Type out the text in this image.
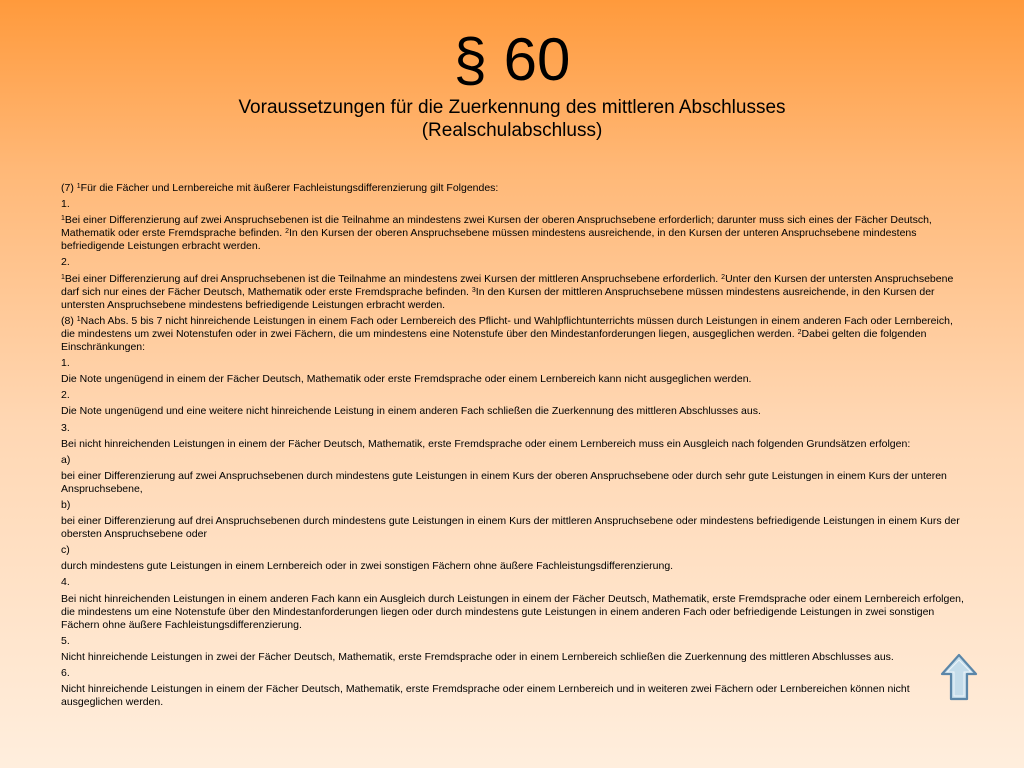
§ 60
Voraussetzungen für die Zuerkennung des mittleren Abschlusses
(Realschulabschluss)

(7) $^1$Für die Fächer und Lernbereiche mit äußerer Fachleistungsdifferenzierung gilt Folgendes:

1.

$^1$Bei einer Differenzierung auf zwei Anspruchsebenen ist die Teilnahme an mindestens zwei Kursen der oberen Anspruchsebene erforderlich; darunter muss sich eines der Fächer Deutsch, Mathematik oder erste Fremdsprache befinden. $^2$In den Kursen der oberen Anspruchsebene müssen mindestens ausreichende, in den Kursen der unteren Anspruchsebene mindestens befriedigende Leistungen erbracht werden.

2.

$^1$Bei einer Differenzierung auf drei Anspruchsebenen ist die Teilnahme an mindestens zwei Kursen der mittleren Anspruchsebene erforderlich. $^2$Unter den Kursen der untersten Anspruchsebene darf sich nur eines der Fächer Deutsch, Mathematik oder erste Fremdsprache befinden. $^3$In den Kursen der mittleren Anspruchsebene müssen mindestens ausreichende, in den Kursen der untersten Anspruchsebene mindestens befriedigende Leistungen erbracht werden.

(8) $^1$Nach Abs. 5 bis 7 nicht hinreichende Leistungen in einem Fach oder Lernbereich des Pflicht- und Wahlpflichtunterrichts müssen durch Leistungen in einem anderen Fach oder Lernbereich, die mindestens um zwei Notenstufen oder in zwei Fächern, die um mindestens eine Notenstufe über den Mindestanforderungen liegen, ausgeglichen werden. $^2$Dabei gelten die folgenden Einschränkungen:

1.

Die Note ungenügend in einem der Fächer Deutsch, Mathematik oder erste Fremdsprache oder einem Lernbereich kann nicht ausgeglichen werden.

2.

Die Note ungenügend und eine weitere nicht hinreichende Leistung in einem anderen Fach schließen die Zuerkennung des mittleren Abschlusses aus.

3.

Bei nicht hinreichenden Leistungen in einem der Fächer Deutsch, Mathematik, erste Fremdsprache oder einem Lernbereich muss ein Ausgleich nach folgenden Grundsätzen erfolgen:

a)

bei einer Differenzierung auf zwei Anspruchsebenen durch mindestens gute Leistungen in einem Kurs der oberen Anspruchsebene oder durch sehr gute Leistungen in einem Kurs der unteren Anspruchsebene,

b)

bei einer Differenzierung auf drei Anspruchsebenen durch mindestens gute Leistungen in einem Kurs der mittleren Anspruchsebene oder mindestens befriedigende Leistungen in einem Kurs der obersten Anspruchsebene oder

c)

durch mindestens gute Leistungen in einem Lernbereich oder in zwei sonstigen Fächern ohne äußere Fachleistungsdifferenzierung.

4.

Bei nicht hinreichenden Leistungen in einem anderen Fach kann ein Ausgleich durch Leistungen in einem der Fächer Deutsch, Mathematik, erste Fremdsprache oder einem Lernbereich erfolgen, die mindestens um eine Notenstufe über den Mindestanforderungen liegen oder durch mindestens gute Leistungen in einem anderen Fach oder befriedigende Leistungen in zwei sonstigen Fächern ohne äußere Fachleistungsdifferenzierung.

5.

Nicht hinreichende Leistungen in zwei der Fächer Deutsch, Mathematik, erste Fremdsprache oder in einem Lernbereich schließen die Zuerkennung des mittleren Abschlusses aus.

6.

Nicht hinreichende Leistungen in einem der Fächer Deutsch, Mathematik, erste Fremdsprache oder einem Lernbereich und in weiteren zwei Fächern oder Lernbereichen können nicht ausgeglichen werden.
